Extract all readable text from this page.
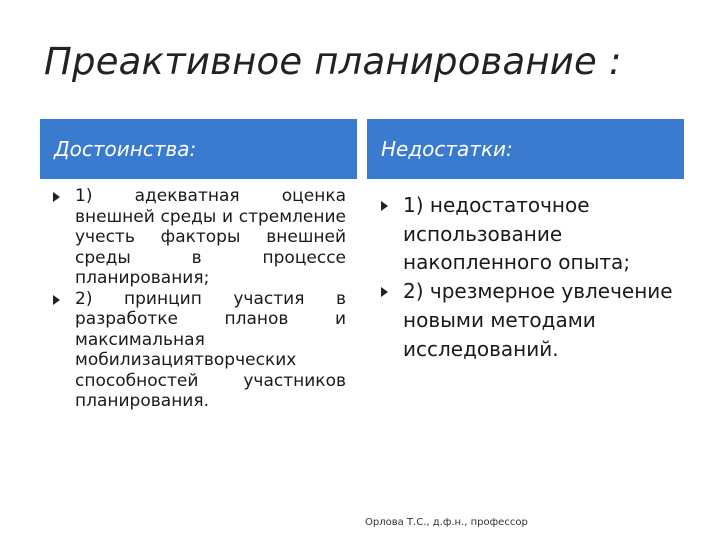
Преактивное планирование :
Достоинства:	Недостатки:
1) адекватная оценка внешней среды и стремление учесть факторы внешней среды в процессе планирования;
2) принцип участия в разработке планов и максимальная мобилизациятворческих способностей участников планирования.
1) недостаточное использование накопленного опыта;
2) чрезмерное увлечение новыми методами исследований.
Орлова Т.С., д.ф.н., профессор
